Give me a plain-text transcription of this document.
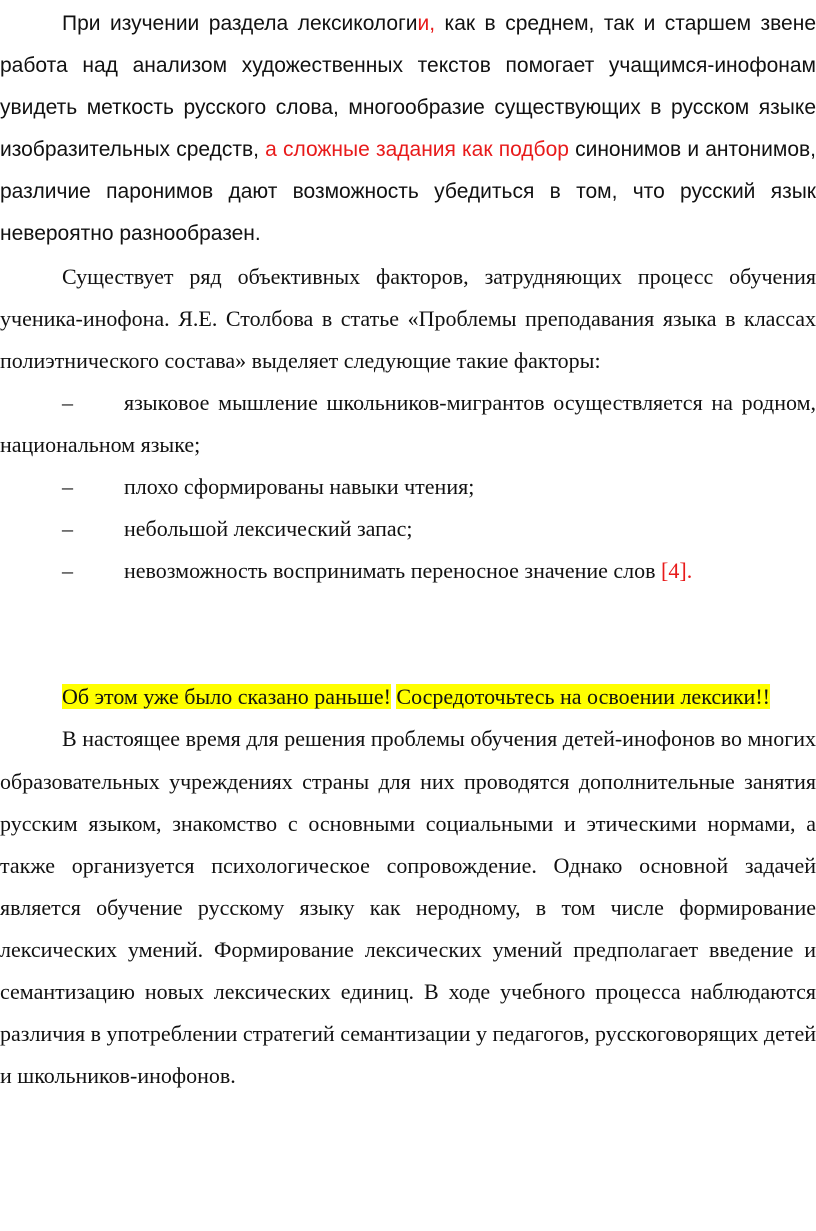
При изучении раздела лексикологии, как в среднем, так и старшем звене работа над анализом художественных текстов помогает учащимся-инофонам увидеть меткость русского слова, многообразие существующих в русском языке изобразительных средств, а сложные задания как подбор синонимов и антонимов, различие паронимов дают возможность убедиться в том, что русский язык невероятно разнообразен.

Существует ряд объективных факторов, затрудняющих процесс обучения ученика-инофона. Я.Е. Столбова в статье «Проблемы преподавания языка в классах полиэтнического состава» выделяет следующие такие факторы:

– языковое мышление школьников-мигрантов осуществляется на родном, национальном языке;

– плохо сформированы навыки чтения;

– небольшой лексический запас;

– невозможность воспринимать переносное значение слов [4].

Об этом уже было сказано раньше! Сосредоточьтесь на освоении лексики!!

В настоящее время для решения проблемы обучения детей-инофонов во многих образовательных учреждениях страны для них проводятся дополнительные занятия русским языком, знакомство с основными социальными и этическими нормами, а также организуется психологическое сопровождение. Однако основной задачей является обучение русскому языку как неродному, в том числе формирование лексических умений. Формирование лексических умений предполагает введение и семантизацию новых лексических единиц. В ходе учебного процесса наблюдаются различия в употреблении стратегий семантизации у педагогов, русскоговорящих детей и школьников-инофонов.
